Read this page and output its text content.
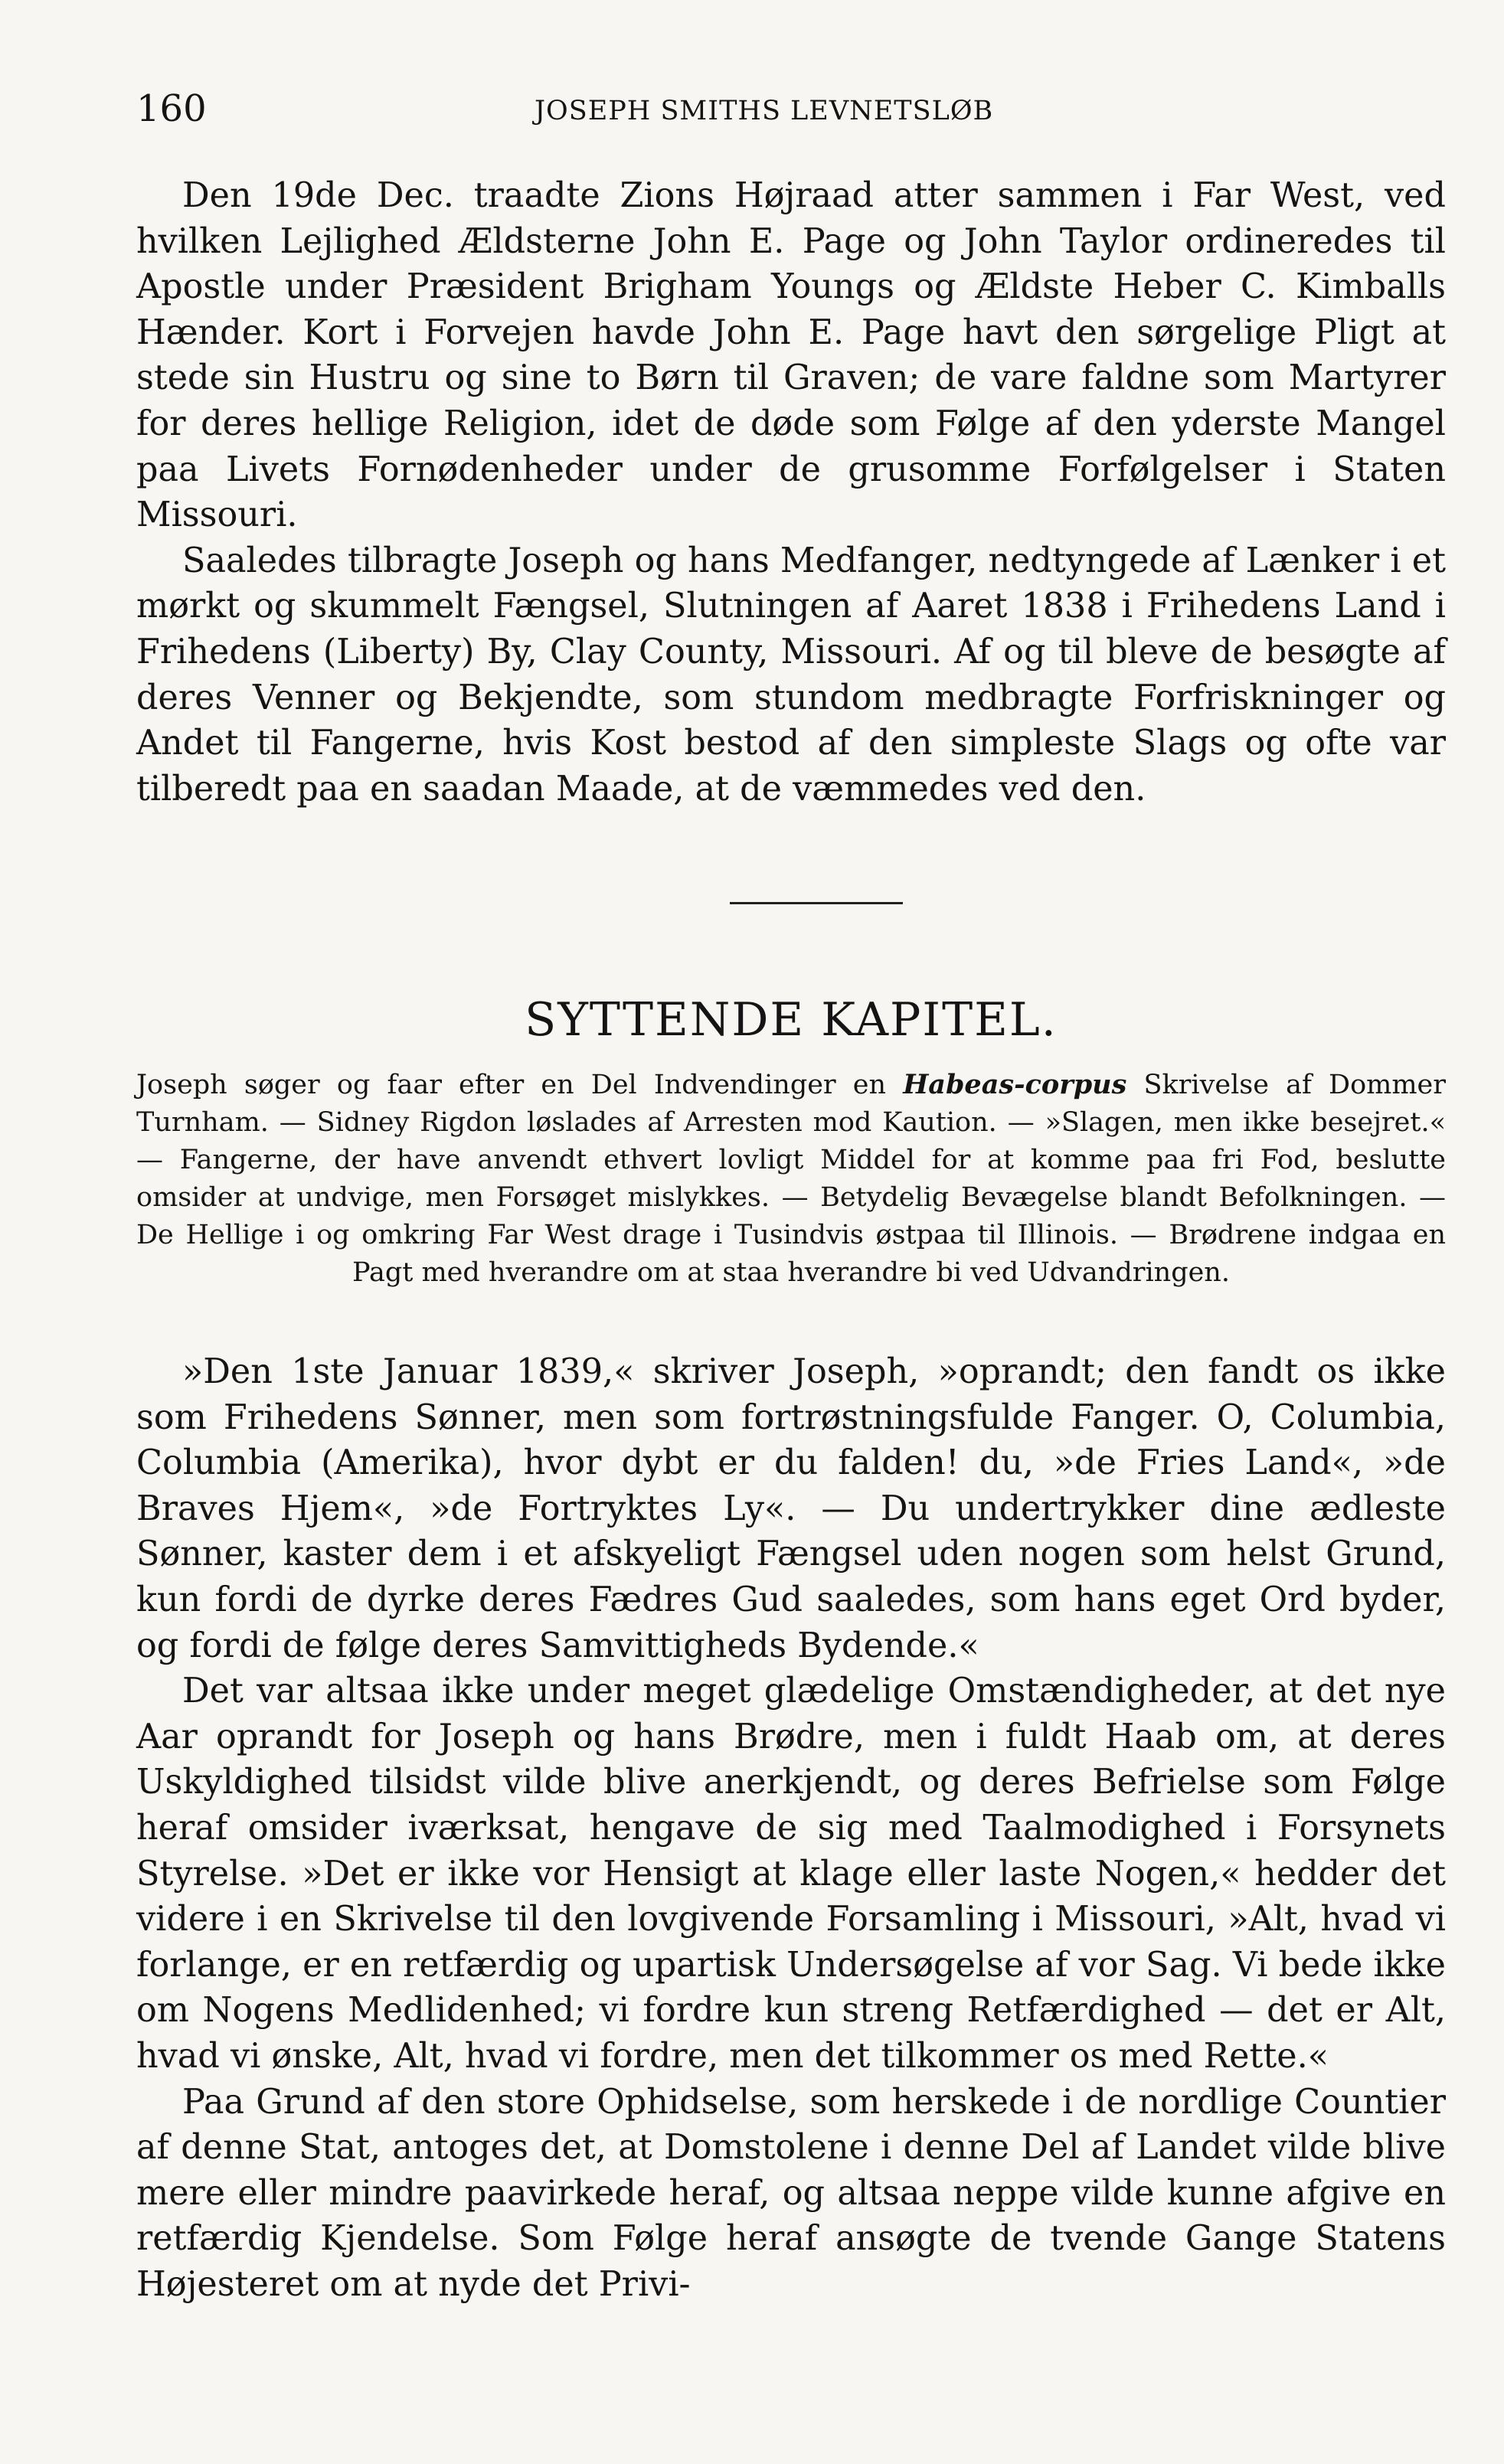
160	JOSEPH SMITHS LEVNETSLØB

Den 19de Dec. traadte Zions Højraad atter sammen i Far West, ved hvilken Lejlighed Ældsterne John E. Page og John Taylor ordineredes til Apostle under Præsident Brigham Youngs og Ældste Heber C. Kimballs Hænder. Kort i Forvejen havde John E. Page havt den sørgelige Pligt at stede sin Hustru og sine to Børn til Graven; de vare faldne som Martyrer for deres hellige Religion, idet de døde som Følge af den yderste Mangel paa Livets Fornødenheder under de grusomme Forfølgelser i Staten Missouri.

Saaledes tilbragte Joseph og hans Medfanger, nedtyngede af Lænker i et mørkt og skummelt Fængsel, Slutningen af Aaret 1838 i Frihedens Land i Frihedens (Liberty) By, Clay County, Missouri. Af og til bleve de besøgte af deres Venner og Bekjendte, som stundom medbragte Forfriskninger og Andet til Fangerne, hvis Kost bestod af den simpleste Slags og ofte var tilberedt paa en saadan Maade, at de væmmedes ved den.

SYTTENDE KAPITEL.
Joseph søger og faar efter en Del Indvendinger en Habeas-corpus Skrivelse af Dommer Turnham. — Sidney Rigdon løslades af Arresten mod Kaution. — »Slagen, men ikke besejret.« — Fangerne, der have anvendt ethvert lovligt Middel for at komme paa fri Fod, beslutte omsider at undvige, men Forsøget mislykkes. — Betydelig Bevægelse blandt Befolkningen. — De Hellige i og omkring Far West drage i Tusindvis østpaa til Illinois. — Brødrene indgaa en Pagt med hverandre om at staa hverandre bi ved Udvandringen.

»Den 1ste Januar 1839,« skriver Joseph, »oprandt; den fandt os ikke som Frihedens Sønner, men som fortrøstningsfulde Fanger. O, Columbia, Columbia (Amerika), hvor dybt er du falden! du, »de Fries Land«, »de Braves Hjem«, »de Fortryktes Ly«. — Du undertrykker dine ædleste Sønner, kaster dem i et afskyeligt Fængsel uden nogen som helst Grund, kun fordi de dyrke deres Fædres Gud saaledes, som hans eget Ord byder, og fordi de følge deres Samvittigheds Bydende.«

Det var altsaa ikke under meget glædelige Omstændigheder, at det nye Aar oprandt for Joseph og hans Brødre, men i fuldt Haab om, at deres Uskyldighed tilsidst vilde blive anerkjendt, og deres Befrielse som Følge heraf omsider iværksat, hengave de sig med Taalmodighed i Forsynets Styrelse. »Det er ikke vor Hensigt at klage eller laste Nogen,« hedder det videre i en Skrivelse til den lovgivende Forsamling i Missouri, »Alt, hvad vi forlange, er en retfærdig og upartisk Undersøgelse af vor Sag. Vi bede ikke om Nogens Medlidenhed; vi fordre kun streng Retfærdighed — det er Alt, hvad vi ønske, Alt, hvad vi fordre, men det tilkommer os med Rette.«

Paa Grund af den store Ophidselse, som herskede i de nordlige Countier af denne Stat, antoges det, at Domstolene i denne Del af Landet vilde blive mere eller mindre paavirkede heraf, og altsaa neppe vilde kunne afgive en retfærdig Kjendelse. Som Følge heraf ansøgte de tvende Gange Statens Højesteret om at nyde det Privi-
